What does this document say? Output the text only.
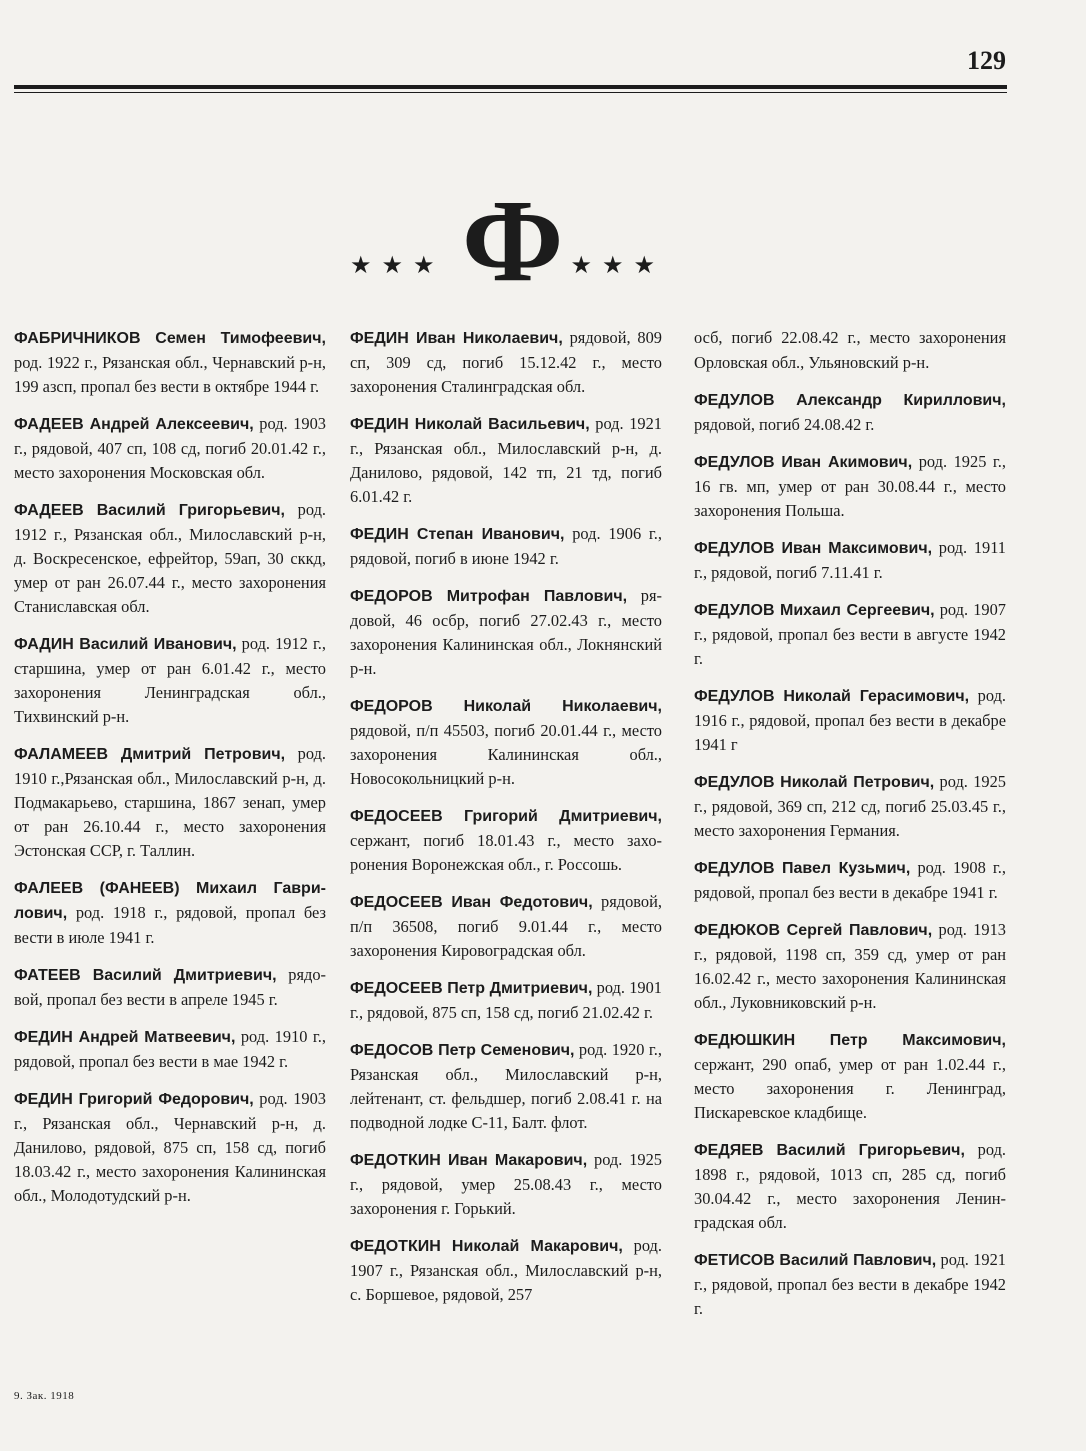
129
★★★ Ф ★★★

ФАБРИЧНИКОВ Семен Тимофеевич, род. 1922 г., Рязанская обл., Чернавский р-н, 199 азсп, пропал без вести в октябре 1944 г.

ФАДЕЕВ Андрей Алексеевич, род. 1903 г., рядовой, 407 сп, 108 сд, погиб 20.01.42 г., место захоронения Московская обл.

ФАДЕЕВ Василий Григорьевич, род. 1912 г., Рязанская обл., Милославский р-н, д. Воскресенское, ефрейтор, 59ап, 30 сккд, умер от ран 26.07.44 г., место захоронения Станиславская обл.

ФАДИН Василий Иванович, род. 1912 г., старшина, умер от ран 6.01.42 г., место захоронения Ленинградская обл., Тихвинский р-н.

ФАЛАМЕЕВ Дмитрий Петрович, род. 1910 г.,Рязанская обл., Милославский р-н, д. Подмакарьево, старшина, 1867 зенап, умер от ран 26.10.44 г., место захоронения Эстонская ССР, г. Таллин.

ФАЛЕЕВ (ФАНЕЕВ) Михаил Гаврилович, род. 1918 г., рядовой, пропал без вести в июле 1941 г.

ФАТЕЕВ Василий Дмитриевич, рядовой, пропал без вести в апреле 1945 г.

ФЕДИН Андрей Матвеевич, род. 1910 г., рядовой, пропал без вести в мае 1942 г.

ФЕДИН Григорий Федорович, род. 1903 г., Рязанская обл., Чернавский р-н, д. Данилово, рядовой, 875 сп, 158 сд, погиб 18.03.42 г., место захоронения Калининская обл., Молодотудский р-н.

ФЕДИН Иван Николаевич, рядовой, 809 сп, 309 сд, погиб 15.12.42 г., место захоронения Сталинградская обл.

ФЕДИН Николай Васильевич, род. 1921 г., Рязанская обл., Милославский р-н, д. Данилово, рядовой, 142 тп, 21 тд, погиб 6.01.42 г.

ФЕДИН Степан Иванович, род. 1906 г., рядовой, погиб в июне 1942 г.

ФЕДОРОВ Митрофан Павлович, рядовой, 46 осбр, погиб 27.02.43 г., место захоронения Калининская обл., Локнянский р-н.

ФЕДОРОВ Николай Николаевич, рядовой, п/п 45503, погиб 20.01.44 г., место захоронения Калининская обл., Новосокольницкий р-н.

ФЕДОСЕЕВ Григорий Дмитриевич, сержант, погиб 18.01.43 г., место захоронения Воронежская обл., г. Россошь.

ФЕДОСЕЕВ Иван Федотович, рядовой, п/п 36508, погиб 9.01.44 г., место захоронения Кировоградская обл.

ФЕДОСЕЕВ Петр Дмитриевич, род. 1901 г., рядовой, 875 сп, 158 сд, погиб 21.02.42 г.

ФЕДОСОВ Петр Семенович, род. 1920 г., Рязанская обл., Милославский р-н, лейтенант, ст. фельдшер, погиб 2.08.41 г. на подводной лодке С-11, Балт. флот.

ФЕДОТКИН Иван Макарович, род. 1925 г., рядовой, умер 25.08.43 г., место захоронения г. Горький.

ФЕДОТКИН Николай Макарович, род. 1907 г., Рязанская обл., Милославский р-н, с. Боршевое, рядовой, 257

осб, погиб 22.08.42 г., место захоронения Орловская обл., Ульяновский р-н.

ФЕДУЛОВ Александр Кириллович, рядовой, погиб 24.08.42 г.

ФЕДУЛОВ Иван Акимович, род. 1925 г., 16 гв. мп, умер от ран 30.08.44 г., место захоронения Польша.

ФЕДУЛОВ Иван Максимович, род. 1911 г., рядовой, погиб 7.11.41 г.

ФЕДУЛОВ Михаил Сергеевич, род. 1907 г., рядовой, пропал без вести в августе 1942 г.

ФЕДУЛОВ Николай Герасимович, род. 1916 г., рядовой, пропал без вести в декабре 1941 г

ФЕДУЛОВ Николай Петрович, род. 1925 г., рядовой, 369 сп, 212 сд, погиб 25.03.45 г., место захоронения Германия.

ФЕДУЛОВ Павел Кузьмич, род. 1908 г., рядовой, пропал без вести в декабре 1941 г.

ФЕДЮКОВ Сергей Павлович, род. 1913 г., рядовой, 1198 сп, 359 сд, умер от ран 16.02.42 г., место захоронения Калининская обл., Луковниковский р-н.

ФЕДЮШКИН Петр Максимович, сержант, 290 опаб, умер от ран 1.02.44 г., место захоронения г. Ленинград, Пискаревское кладбище.

ФЕДЯЕВ Василий Григорьевич, род. 1898 г., рядовой, 1013 сп, 285 сд, погиб 30.04.42 г., место захоронения Ленинградская обл.

ФЕТИСОВ Василий Павлович, род. 1921 г., рядовой, пропал без вести в декабре 1942 г.

9. Зак. 1918
